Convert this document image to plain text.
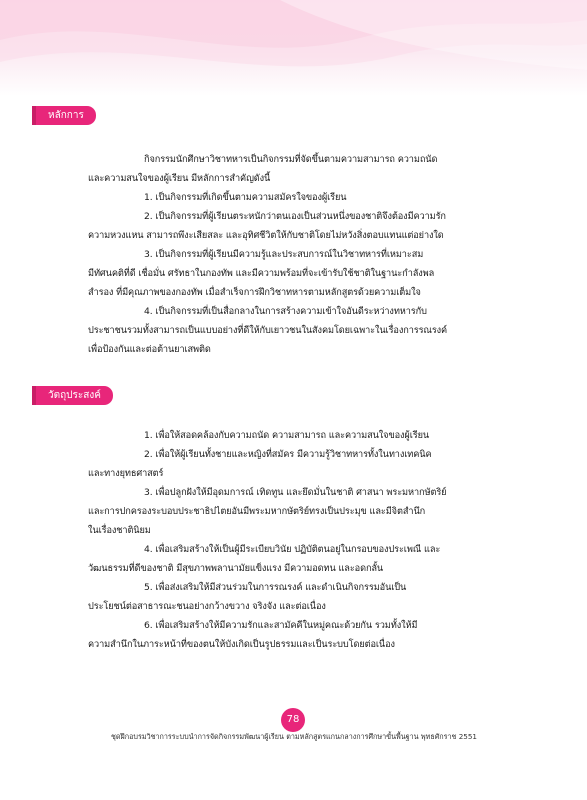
หลักการ
กิจกรรมนักศึกษาวิชาทหารเป็นกิจกรรมที่จัดขึ้นตามความสามารถ ความถนัด
และความสนใจของผู้เรียน มีหลักการสำคัญดังนี้
1. เป็นกิจกรรมที่เกิดขึ้นตามความสมัครใจของผู้เรียน
2. เป็นกิจกรรมที่ผู้เรียนตระหนักว่าตนเองเป็นส่วนหนึ่งของชาติจึงต้องมีความรัก
ความหวงแหน สามารถพึงะเสียสละ และอุทิศชีวิตให้กับชาติโดยไม่หวังสิ่งตอบแทนแต่อย่างใด
3. เป็นกิจกรรมที่ผู้เรียนมีความรู้และประสบการณ์ในวิชาทหารที่เหมาะสม
มีทัศนคติที่ดี เชื่อมั่น ศรัทธาในกองทัพ และมีความพร้อมที่จะเข้ารับใช้ชาติในฐานะกำลังพล
สำรอง ที่มีคุณภาพของกองทัพ เมื่อสำเร็จการฝึกวิชาทหารตามหลักสูตรด้วยความเต็มใจ
4. เป็นกิจกรรมที่เป็นสื่อกลางในการสร้างความเข้าใจอันดีระหว่างทหารกับ
ประชาชนรวมทั้งสามารถเป็นแบบอย่างที่ดีให้กับเยาวชนในสังคมโดยเฉพาะในเรื่องการรณรงค์
เพื่อป้องกันและต่อต้านยาเสพติด
วัตถุประสงค์
1. เพื่อให้สอดคล้องกับความถนัด ความสามารถ และความสนใจของผู้เรียน
2. เพื่อให้ผู้เรียนทั้งชายและหญิงที่สมัคร มีความรู้วิชาทหารทั้งในทางเทคนิค
และทางยุทธศาสตร์
3. เพื่อปลูกฝังให้มีอุดมการณ์ เทิดทูน และยึดมั่นในชาติ ศาสนา พระมหากษัตริย์
และการปกครองระบอบประชาธิปไตยอันมีพระมหากษัตริย์ทรงเป็นประมุข และมีจิตสำนึก
ในเรื่องชาตินิยม
4. เพื่อเสริมสร้างให้เป็นผู้มีระเบียบวินัย ปฏิบัติตนอยู่ในกรอบของประเพณี และ
วัฒนธรรมที่ดีของชาติ มีสุขภาพพลานามัยแข็งแรง มีความอดทน และอดกลั้น
5. เพื่อส่งเสริมให้มีส่วนร่วมในการรณรงค์ และดำเนินกิจกรรมอันเป็น
ประโยชน์ต่อสาธารณะชนอย่างกว้างขวาง จริงจัง และต่อเนื่อง
6. เพื่อเสริมสร้างให้มีความรักและสามัคคีในหมู่คณะด้วยกัน รวมทั้งให้มี
ความสำนึกในภาระหน้าที่ของตนให้บังเกิดเป็นรูปธรรมและเป็นระบบโดยต่อเนื่อง
78
ชุดฝึกอบรมวิชาการระบบนำการจัดกิจกรรมพัฒนาผู้เรียน ตามหลักสูตรแกนกลางการศึกษาขั้นพื้นฐาน พุทธศักราช 2551
